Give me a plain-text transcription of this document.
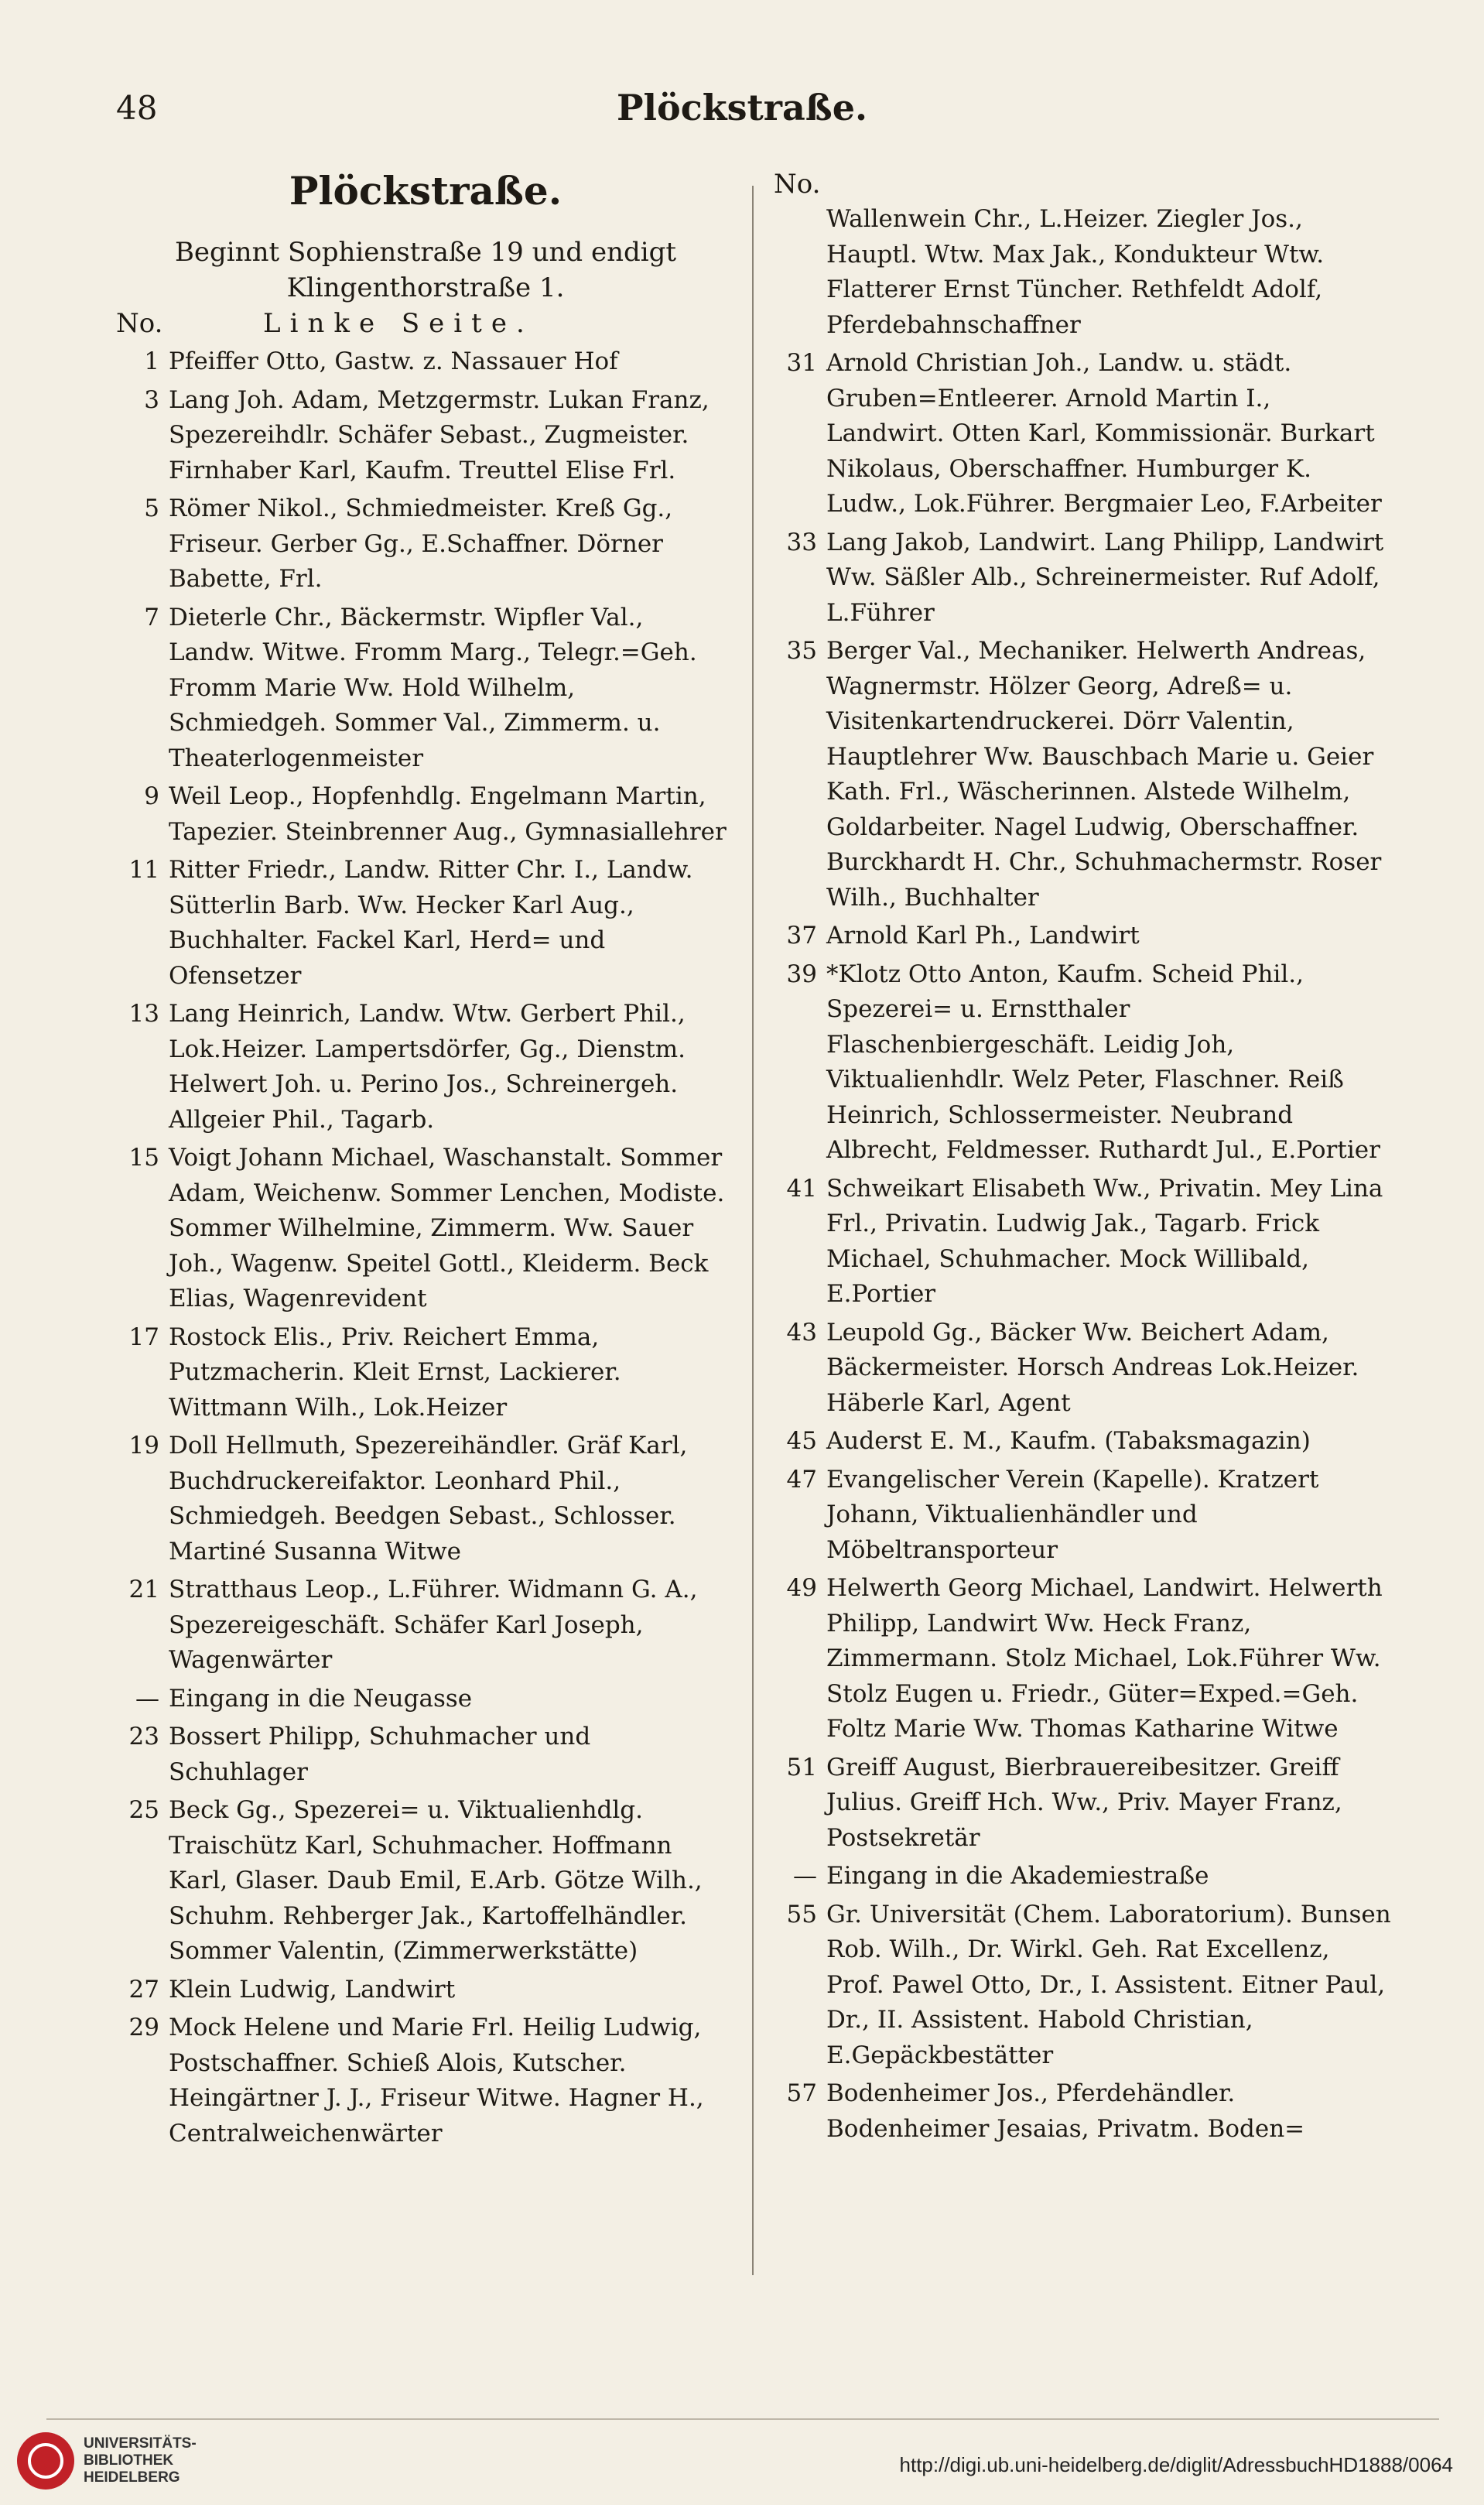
48	Plöckstraße.
Plöckstraße.
Beginnt Sophienstraße 19 und endigt
Klingenthorstraße 1.
No.	Linke Seite.
1 Pfeiffer Otto, Gastw. z. Nassauer Hof
3 Lang Joh. Adam, Metzgermstr. Lukan Franz, Spezereihdlr. Schäfer Sebast., Zugmeister. Firnhaber Karl, Kaufm. Treuttel Elise Frl.
5 Römer Nikol., Schmiedmeister. Kreß Gg., Friseur. Gerber Gg., E.Schaffner. Dörner Babette, Frl.
7 Dieterle Chr., Bäckermstr. Wipfler Val., Landw. Witwe. Fromm Marg., Telegr.=Geh. Fromm Marie Ww. Hold Wilhelm, Schmiedgeh. Sommer Val., Zimmerm. u. Theaterlogenmeister
9 Weil Leop., Hopfenhdlg. Engelmann Martin, Tapezier. Steinbrenner Aug., Gymnasiallehrer
11 Ritter Friedr., Landw. Ritter Chr. I., Landw. Sütterlin Barb. Ww. Hecker Karl Aug., Buchhalter. Fackel Karl, Herd= und Ofensetzer
13 Lang Heinrich, Landw. Wtw. Gerbert Phil., Lok.Heizer. Lampertsdörfer, Gg., Dienstm. Helwert Joh. u. Perino Jos., Schreinergeh. Allgeier Phil., Tagarb.
15 Voigt Johann Michael, Waschanstalt. Sommer Adam, Weichenw. Sommer Lenchen, Modiste. Sommer Wilhelmine, Zimmerm. Ww. Sauer Joh., Wagenw. Speitel Gottl., Kleiderm. Beck Elias, Wagenrevident
17 Rostock Elis., Priv. Reichert Emma, Putzmacherin. Kleit Ernst, Lackierer. Wittmann Wilh., Lok.Heizer
19 Doll Hellmuth, Spezereihändler. Gräf Karl, Buchdruckereifaktor. Leonhard Phil., Schmiedgeh. Beedgen Sebast., Schlosser. Martiné Susanna Witwe
21 Stratthaus Leop., L.Führer. Widmann G. A., Spezereigeschäft. Schäfer Karl Joseph, Wagenwärter
— Eingang in die Neugasse
23 Bossert Philipp, Schuhmacher und Schuhlager
25 Beck Gg., Spezerei= u. Viktualienhdlg. Traischütz Karl, Schuhmacher. Hoffmann Karl, Glaser. Daub Emil, E.Arb. Götze Wilh., Schuhm. Rehberger Jak., Kartoffelhändler. Sommer Valentin, (Zimmerwerkstätte)
27 Klein Ludwig, Landwirt
29 Mock Helene und Marie Frl. Heilig Ludwig, Postschaffner. Schieß Alois, Kutscher. Heingärtner J. J., Friseur Witwe. Hagner H., Centralweichenwärter
No.
Wallenwein Chr., L.Heizer. Ziegler Jos., Hauptl. Wtw. Max Jak., Kondukteur Wtw. Flatterer Ernst Tüncher. Rethfeldt Adolf, Pferdebahnschaffner
31 Arnold Christian Joh., Landw. u. städt. Gruben=Entleerer. Arnold Martin I., Landwirt. Otten Karl, Kommissionär. Burkart Nikolaus, Oberschaffner. Humburger K. Ludw., Lok.Führer. Bergmaier Leo, F.Arbeiter
33 Lang Jakob, Landwirt. Lang Philipp, Landwirt Ww. Säßler Alb., Schreinermeister. Ruf Adolf, L.Führer
35 Berger Val., Mechaniker. Helwerth Andreas, Wagnermstr. Hölzer Georg, Adreß= u. Visitenkartendruckerei. Dörr Valentin, Hauptlehrer Ww. Bauschbach Marie u. Geier Kath. Frl., Wäscherinnen. Alstede Wilhelm, Goldarbeiter. Nagel Ludwig, Oberschaffner. Burckhardt H. Chr., Schuhmachermstr. Roser Wilh., Buchhalter
37 Arnold Karl Ph., Landwirt
39 *Klotz Otto Anton, Kaufm. Scheid Phil., Spezerei= u. Ernstthaler Flaschenbiergeschäft. Leidig Joh, Viktualienhdlr. Welz Peter, Flaschner. Reiß Heinrich, Schlossermeister. Neubrand Albrecht, Feldmesser. Ruthardt Jul., E.Portier
41 Schweikart Elisabeth Ww., Privatin. Mey Lina Frl., Privatin. Ludwig Jak., Tagarb. Frick Michael, Schuhmacher. Mock Willibald, E.Portier
43 Leupold Gg., Bäcker Ww. Beichert Adam, Bäckermeister. Horsch Andreas Lok.Heizer. Häberle Karl, Agent
45 Auderst E. M., Kaufm. (Tabaksmagazin)
47 Evangelischer Verein (Kapelle). Kratzert Johann, Viktualienhändler und Möbeltransporteur
49 Helwerth Georg Michael, Landwirt. Helwerth Philipp, Landwirt Ww. Heck Franz, Zimmermann. Stolz Michael, Lok.Führer Ww. Stolz Eugen u. Friedr., Güter=Exped.=Geh. Foltz Marie Ww. Thomas Katharine Witwe
51 Greiff August, Bierbrauereibesitzer. Greiff Julius. Greiff Hch. Ww., Priv. Mayer Franz, Postsekretär
— Eingang in die Akademiestraße
55 Gr. Universität (Chem. Laboratorium). Bunsen Rob. Wilh., Dr. Wirkl. Geh. Rat Excellenz, Prof. Pawel Otto, Dr., I. Assistent. Eitner Paul, Dr., II. Assistent. Habold Christian, E.Gepäckbestätter
57 Bodenheimer Jos., Pferdehändler. Bodenheimer Jesaias, Privatm. Boden=
UNIVERSITÄTS-
BIBLIOTHEK
HEIDELBERG
http://digi.ub.uni-heidelberg.de/diglit/AdressbuchHD1888/0064
